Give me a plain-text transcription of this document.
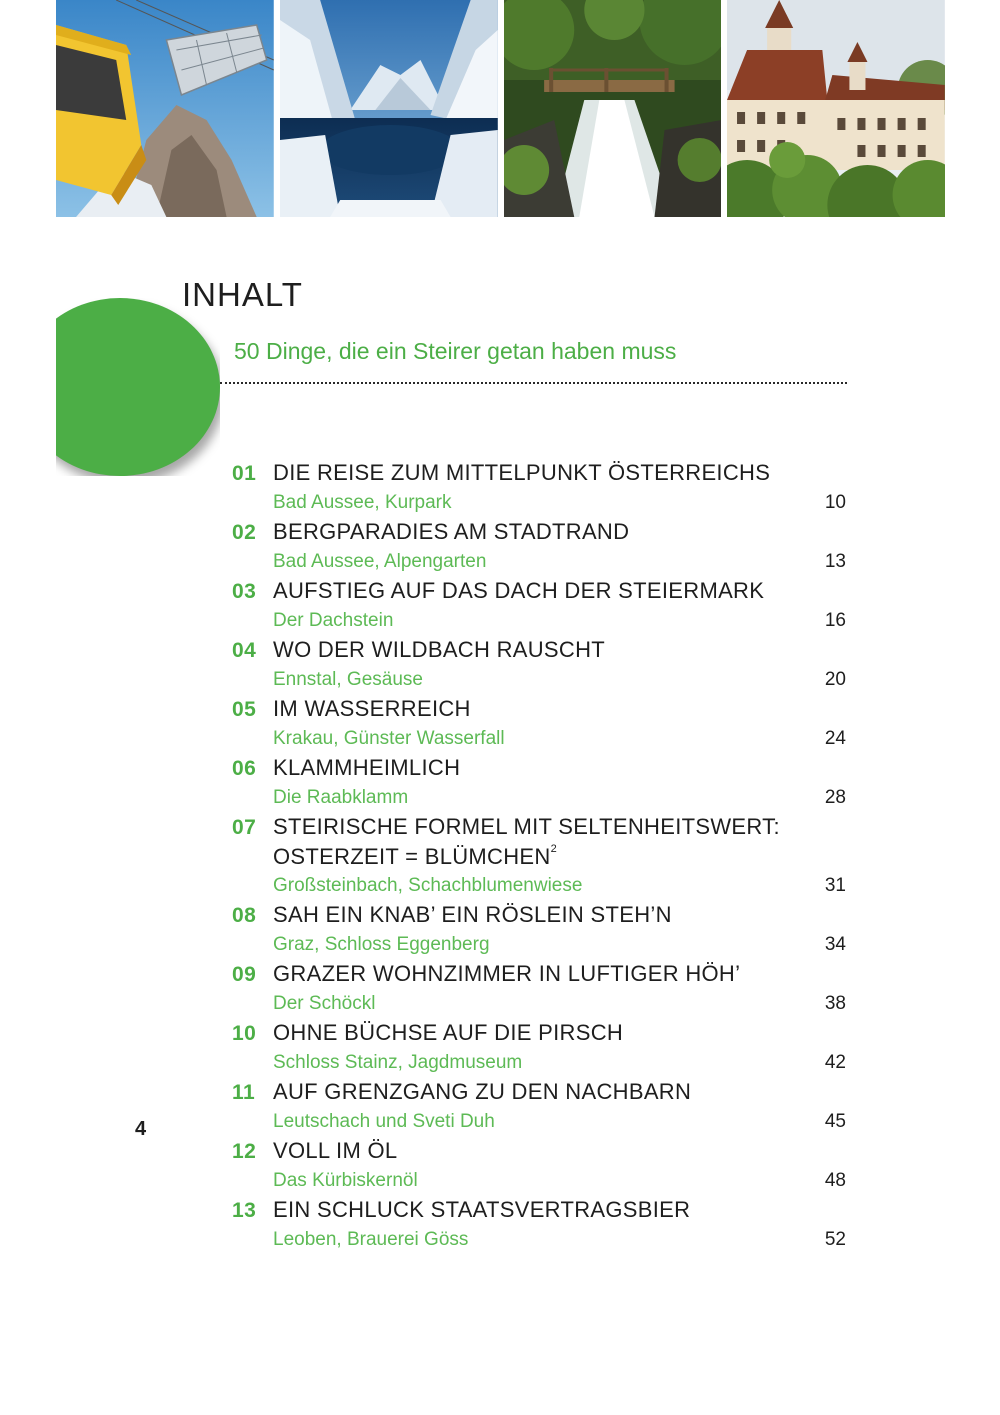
INHALT
50 Dinge, die ein Steirer getan haben muss
01 DIE REISE ZUM MITTELPUNKT ÖSTERREICHS
Bad Aussee, Kurpark	10
02 BERGPARADIES AM STADTRAND
Bad Aussee, Alpengarten	13
03 AUFSTIEG AUF DAS DACH DER STEIERMARK
Der Dachstein	16
04 WO DER WILDBACH RAUSCHT
Ennstal, Gesäuse	20
05 IM WASSERREICH
Krakau, Günster Wasserfall	24
06 KLAMMHEIMLICH
Die Raabklamm	28
07 STEIRISCHE FORMEL MIT SELTENHEITSWERT:
OSTERZEIT = $BLÜMCHEN^2$
Großsteinbach, Schachblumenwiese	31
08 SAH EIN KNAB’ EIN RÖSLEIN STEH’N
Graz, Schloss Eggenberg	34
09 GRAZER WOHNZIMMER IN LUFTIGER HÖH’
Der Schöckl	38
10 OHNE BÜCHSE AUF DIE PIRSCH
Schloss Stainz, Jagdmuseum	42
11 AUF GRENZGANG ZU DEN NACHBARN
Leutschach und Sveti Duh	45
12 VOLL IM ÖL
Das Kürbiskernöl	48
13 EIN SCHLUCK STAATSVERTRAGSBIER
Leoben, Brauerei Göss	52
4
